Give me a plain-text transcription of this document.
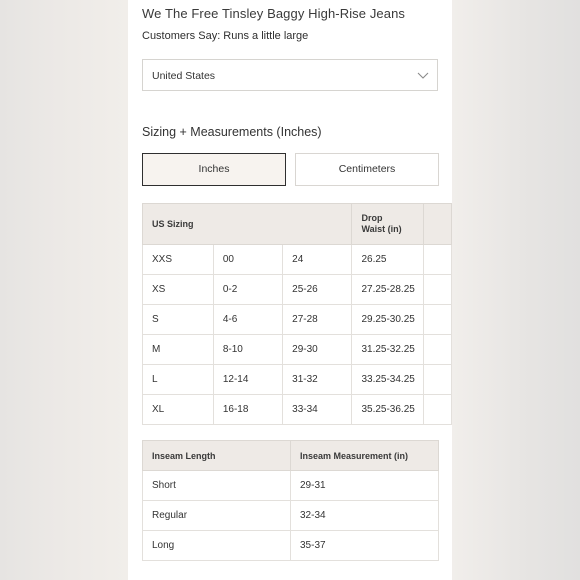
We The Free Tinsley Baggy High-Rise Jeans
Customers Say: Runs a little large
United States
Sizing + Measurements (Inches)
Inches	Centimeters
US Sizing			Drop
Waist (in)	
XXS	00	24	26.25	
XS	0-2	25-26	27.25-28.25	
S	4-6	27-28	29.25-30.25	
M	8-10	29-30	31.25-32.25	
L	12-14	31-32	33.25-34.25	
XL	16-18	33-34	35.25-36.25	
Inseam Length	Inseam Measurement (in)
Short	29-31
Regular	32-34
Long	35-37
